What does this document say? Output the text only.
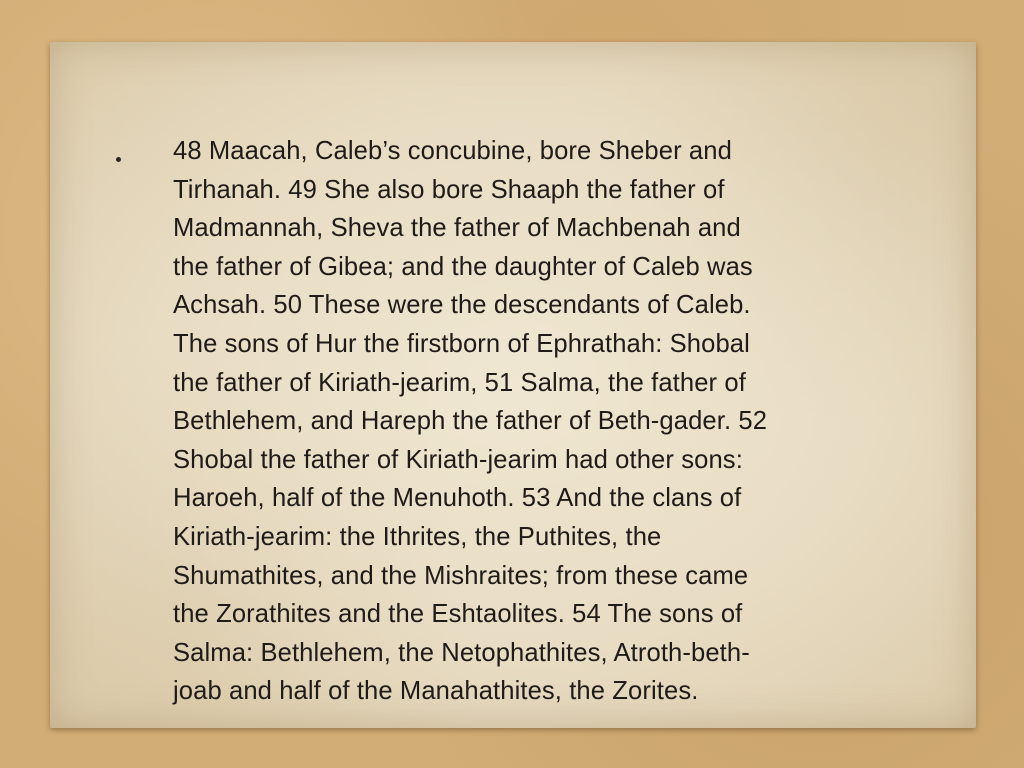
48 Maacah, Caleb’s concubine, bore Sheber and
Tirhanah. 49 She also bore Shaaph the father of
Madmannah, Sheva the father of Machbenah and
the father of Gibea; and the daughter of Caleb was
Achsah. 50 These were the descendants of Caleb.
The sons of Hur the firstborn of Ephrathah: Shobal
the father of Kiriath-jearim, 51 Salma, the father of
Bethlehem, and Hareph the father of Beth-gader. 52
Shobal the father of Kiriath-jearim had other sons:
Haroeh, half of the Menuhoth. 53 And the clans of
Kiriath-jearim: the Ithrites, the Puthites, the
Shumathites, and the Mishraites; from these came
the Zorathites and the Eshtaolites. 54 The sons of
Salma: Bethlehem, the Netophathites, Atroth-beth-
joab and half of the Manahathites, the Zorites.
